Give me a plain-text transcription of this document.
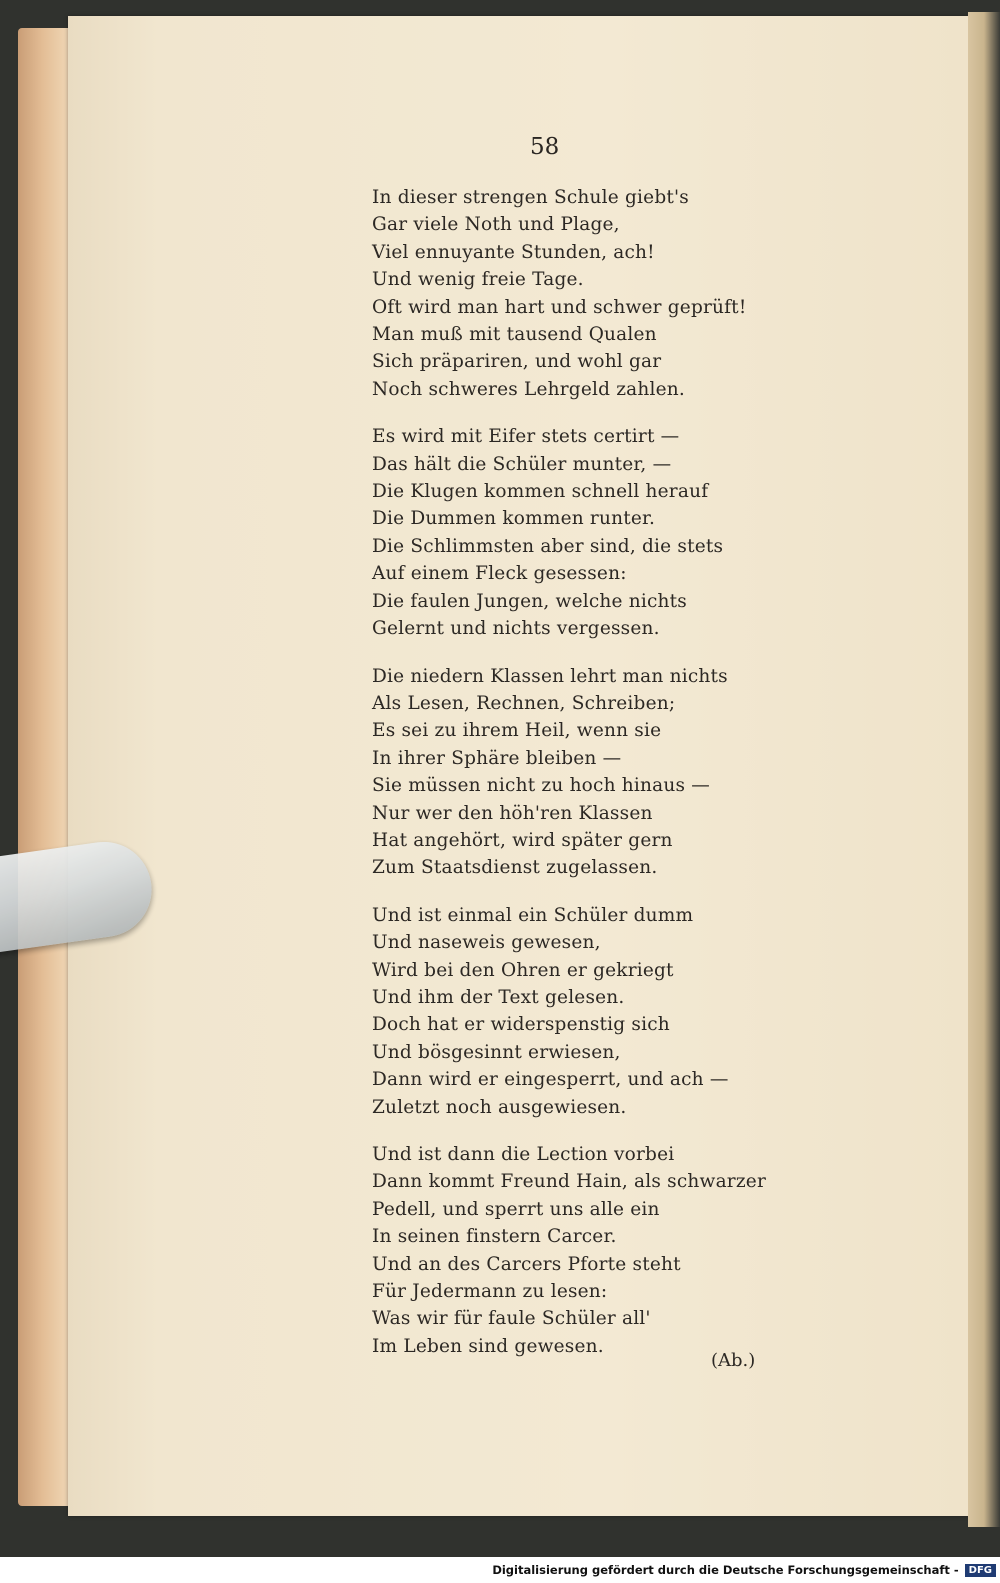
58
In dieser strengen Schule giebt's
Gar viele Noth und Plage,
Viel ennuyante Stunden, ach!
Und wenig freie Tage.
Oft wird man hart und schwer geprüft!
Man muß mit tausend Qualen
Sich präpariren, und wohl gar
Noch schweres Lehrgeld zahlen.
Es wird mit Eifer stets certirt —
Das hält die Schüler munter, —
Die Klugen kommen schnell herauf
Die Dummen kommen runter.
Die Schlimmsten aber sind, die stets
Auf einem Fleck gesessen:
Die faulen Jungen, welche nichts
Gelernt und nichts vergessen.
Die niedern Klassen lehrt man nichts
Als Lesen, Rechnen, Schreiben;
Es sei zu ihrem Heil, wenn sie
In ihrer Sphäre bleiben —
Sie müssen nicht zu hoch hinaus —
Nur wer den höh'ren Klassen
Hat angehört, wird später gern
Zum Staatsdienst zugelassen.
Und ist einmal ein Schüler dumm
Und naseweis gewesen,
Wird bei den Ohren er gekriegt
Und ihm der Text gelesen.
Doch hat er widerspenstig sich
Und bösgesinnt erwiesen,
Dann wird er eingesperrt, und ach —
Zuletzt noch ausgewiesen.
Und ist dann die Lection vorbei
Dann kommt Freund Hain, als schwarzer
Pedell, und sperrt uns alle ein
In seinen finstern Carcer.
Und an des Carcers Pforte steht
Für Jedermann zu lesen:
Was wir für faule Schüler all'
Im Leben sind gewesen.
(Ab.)
Digitalisierung gefördert durch die Deutsche Forschungsgemeinschaft -	DFG
